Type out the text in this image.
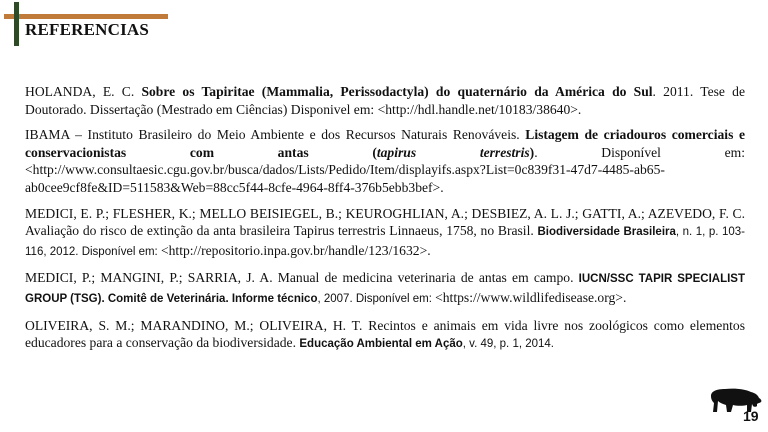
REFERENCIAS

HOLANDA, E. C. Sobre os Tapiritae (Mammalia, Perissodactyla) do quaternário da América do Sul. 2011. Tese de Doutorado. Dissertação (Mestrado em Ciências) Disponivel em: <http://hdl.handle.net/10183/38640>.

IBAMA – Instituto Brasileiro do Meio Ambiente e dos Recursos Naturais Renováveis. Listagem de criadouros comerciais e conservacionistas com antas (tapirus terrestris). Disponível em: <http://www.consultaesic.cgu.gov.br/busca/dados/Lists/Pedido/Item/displayifs.aspx?List=0c839f31-47d7-4485-ab65-ab0cee9cf8fe&ID=511583&Web=88cc5f44-8cfe-4964-8ff4-376b5ebb3bef>.

MEDICI, E. P.; FLESHER, K.; MELLO BEISIEGEL, B.; KEUROGHLIAN, A.; DESBIEZ, A. L. J.; GATTI, A.; AZEVEDO, F. C. Avaliação do risco de extinção da anta brasileira Tapirus terrestris Linnaeus, 1758, no Brasil. Biodiversidade Brasileira, n. 1, p. 103-116, 2012. Disponível em: <http://repositorio.inpa.gov.br/handle/123/1632>.

MEDICI, P.; MANGINI, P.; SARRIA, J. A. Manual de medicina veterinaria de antas em campo. IUCN/SSC TAPIR SPECIALIST GROUP (TSG). Comitê de Veterinária. Informe técnico, 2007. Disponível em: <https://www.wildlifedisease.org>.

OLIVEIRA, S. M.; MARANDINO, M.; OLIVEIRA, H. T. Recintos e animais em vida livre nos zoológicos como elementos educadores para a conservação da biodiversidade. Educação Ambiental em Ação, v. 49, p. 1, 2014.

19
